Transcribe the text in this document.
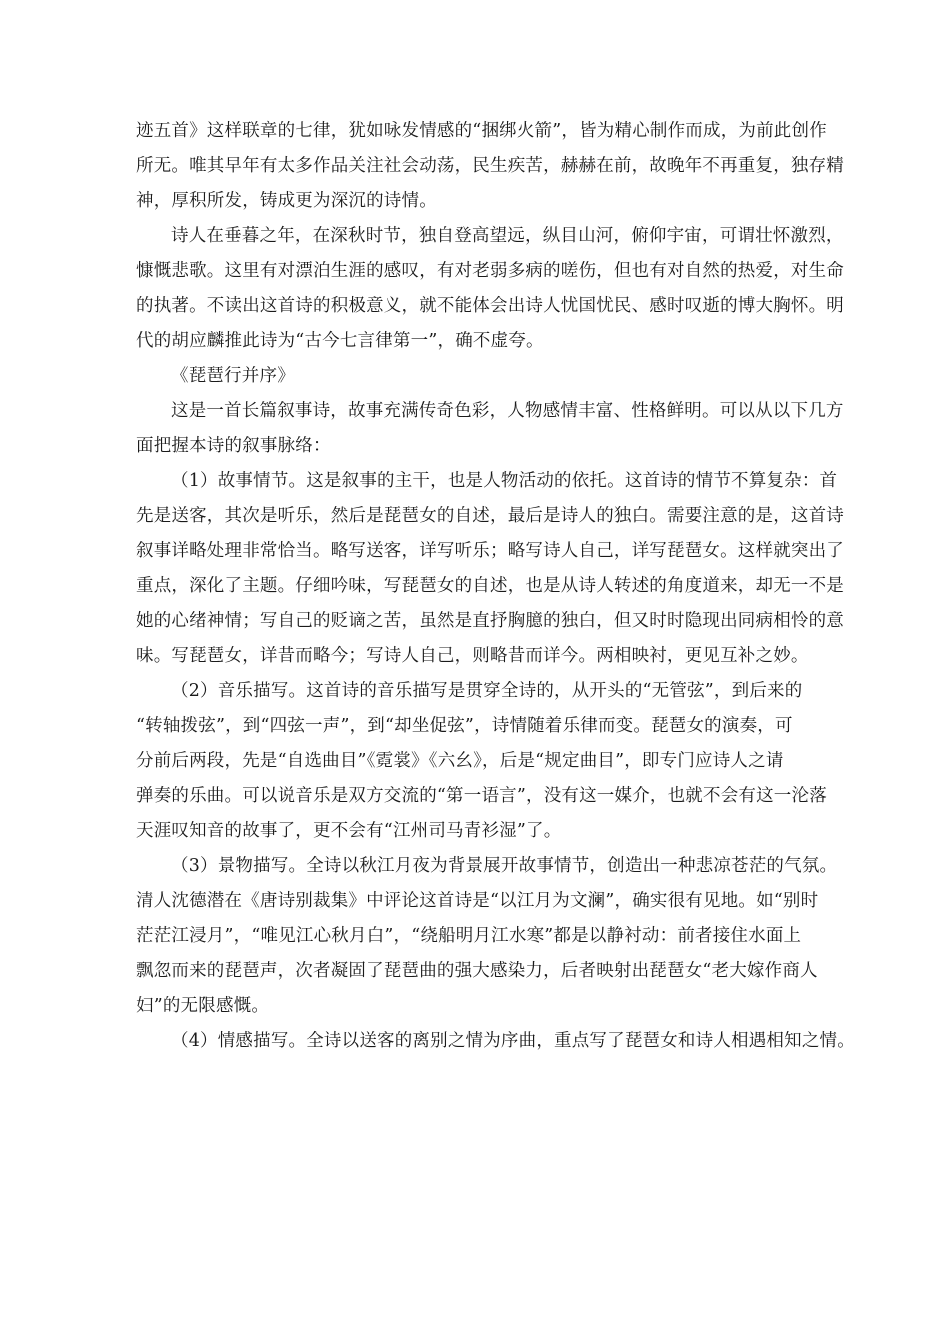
迹五首》这样联章的七律，犹如咏发情感的“捆绑火箭”，皆为精心制作而成，为前此创作
所无。唯其早年有太多作品关注社会动荡，民生疾苦，赫赫在前，故晚年不再重复，独存精
神，厚积所发，铸成更为深沉的诗情。
诗人在垂暮之年，在深秋时节，独自登高望远，纵目山河，俯仰宇宙，可谓壮怀激烈，
慷慨悲歌。这里有对漂泊生涯的感叹，有对老弱多病的嗟伤，但也有对自然的热爱，对生命
的执著。不读出这首诗的积极意义，就不能体会出诗人忧国忧民、感时叹逝的博大胸怀。明
代的胡应麟推此诗为“古今七言律第一”，确不虚夸。
《琵琶行并序》
这是一首长篇叙事诗，故事充满传奇色彩，人物感情丰富、性格鲜明。可以从以下几方
面把握本诗的叙事脉络：
（1）故事情节。这是叙事的主干，也是人物活动的依托。这首诗的情节不算复杂：首
先是送客，其次是听乐，然后是琵琶女的自述，最后是诗人的独白。需要注意的是，这首诗
叙事详略处理非常恰当。略写送客，详写听乐；略写诗人自己，详写琵琶女。这样就突出了
重点，深化了主题。仔细吟味，写琵琶女的自述，也是从诗人转述的角度道来，却无一不是
她的心绪神情；写自己的贬谪之苦，虽然是直抒胸臆的独白，但又时时隐现出同病相怜的意
味。写琵琶女，详昔而略今；写诗人自己，则略昔而详今。两相映衬，更见互补之妙。
（2）音乐描写。这首诗的音乐描写是贯穿全诗的，从开头的“无管弦”，到后来的
“转轴拨弦”，到“四弦一声”，到“却坐促弦”，诗情随着乐律而变。琵琶女的演奏，可
分前后两段，先是“自选曲目”《霓裳》《六幺》，后是“规定曲目”，即专门应诗人之请
弹奏的乐曲。可以说音乐是双方交流的“第一语言”，没有这一媒介，也就不会有这一沦落
天涯叹知音的故事了，更不会有“江州司马青衫湿”了。
（3）景物描写。全诗以秋江月夜为背景展开故事情节，创造出一种悲凉苍茫的气氛。
清人沈德潜在《唐诗别裁集》中评论这首诗是“以江月为文澜”，确实很有见地。如“别时
茫茫江浸月”，“唯见江心秋月白”，“绕船明月江水寒”都是以静衬动：前者接住水面上
飘忽而来的琵琶声，次者凝固了琵琶曲的强大感染力，后者映射出琵琶女“老大嫁作商人
妇”的无限感慨。
（4）情感描写。全诗以送客的离别之情为序曲，重点写了琵琶女和诗人相遇相知之情。
